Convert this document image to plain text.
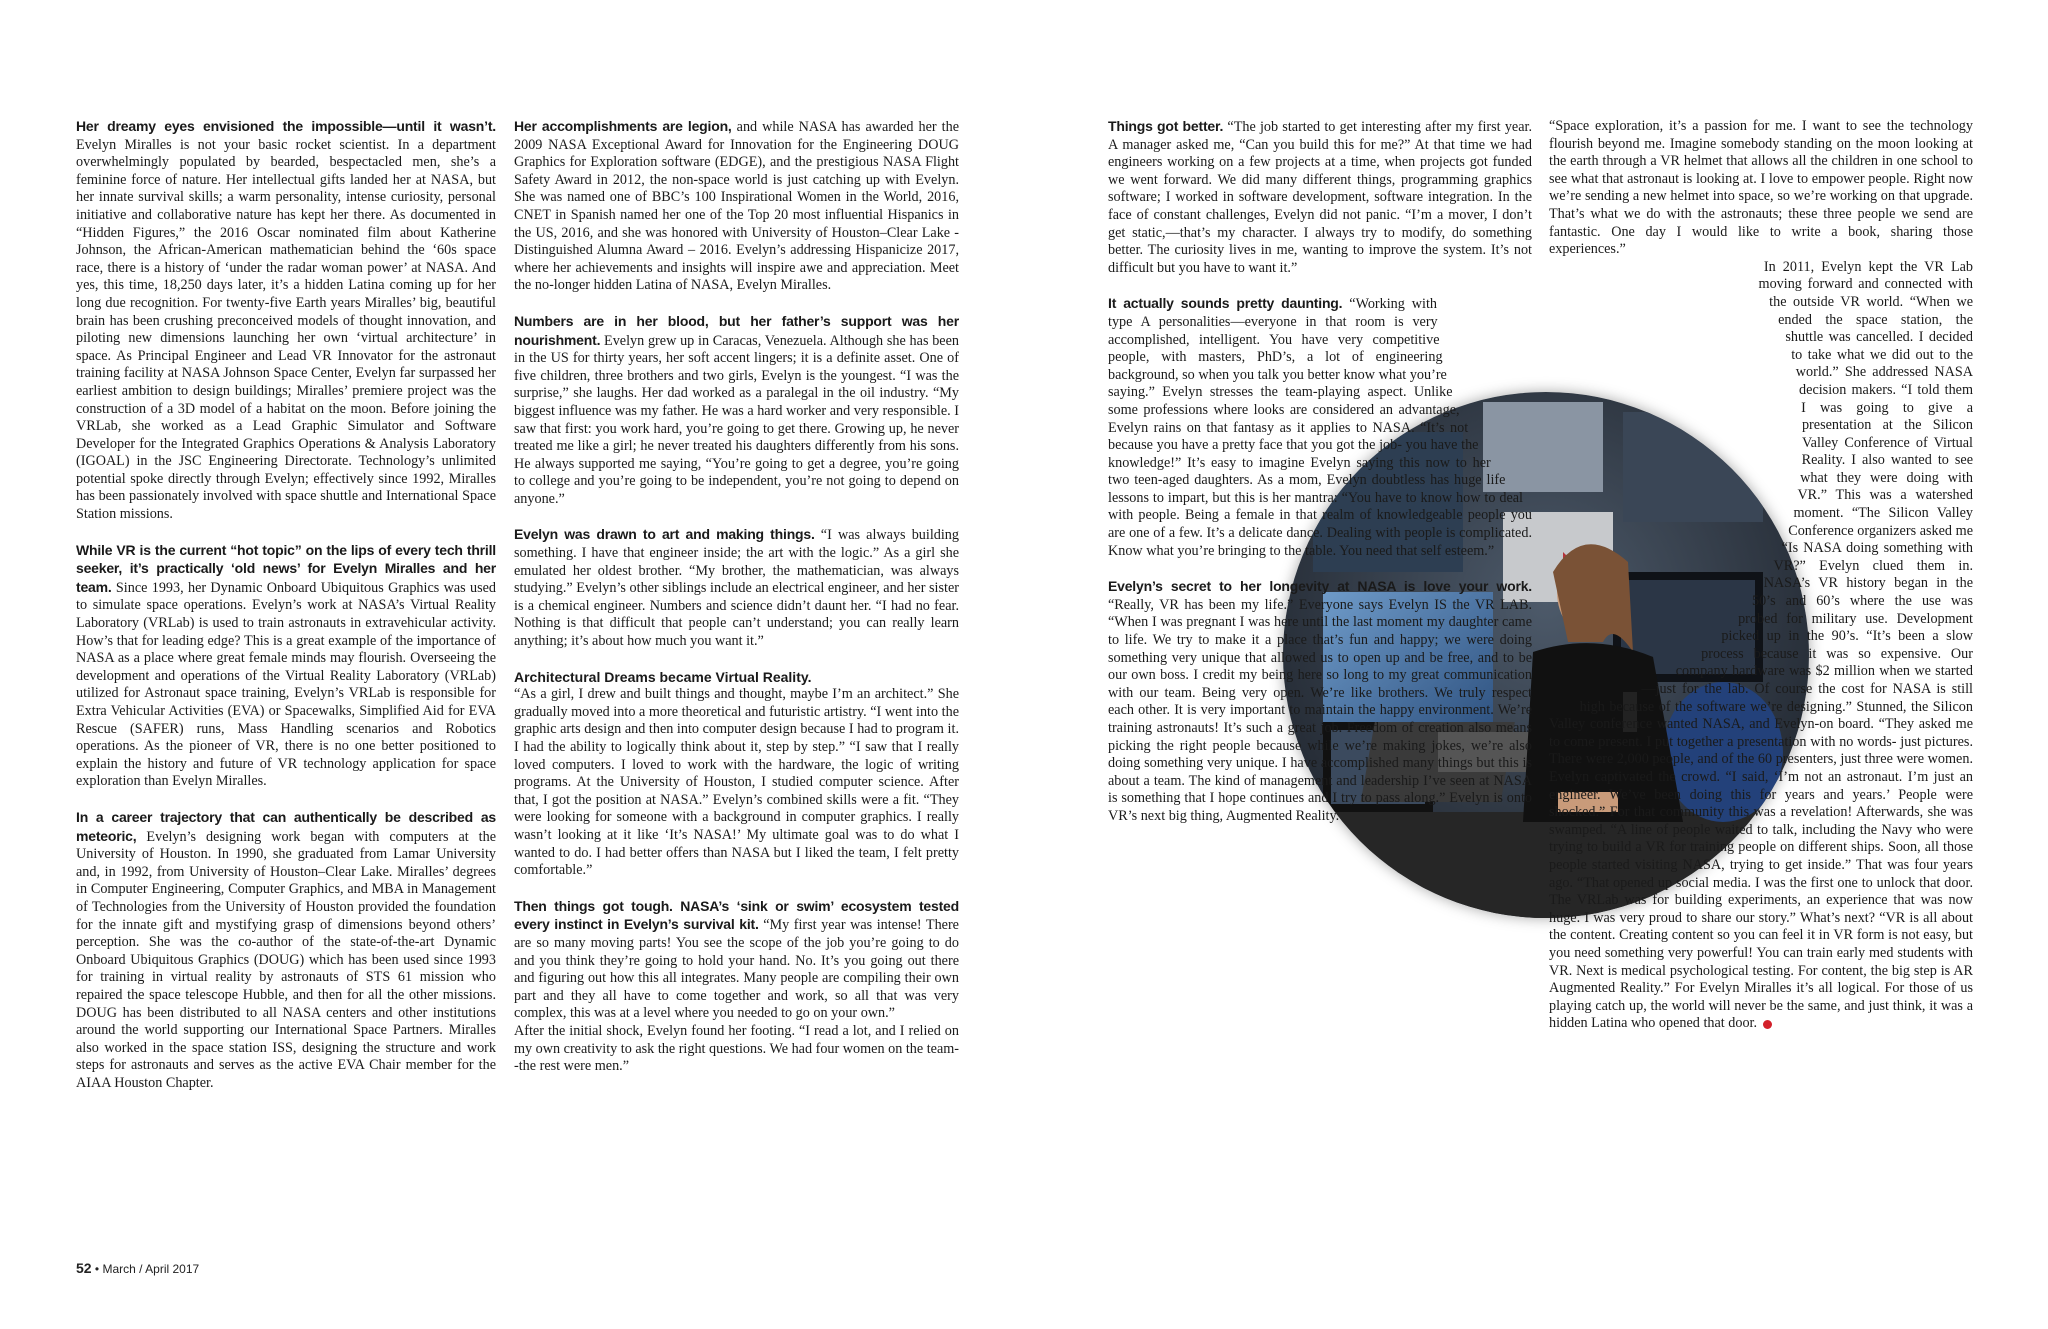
Her dreamy eyes envisioned the impossible—until it wasn’t. Evelyn Miralles is not your basic rocket scientist. In a department overwhelmingly populated by bearded, bespectacled men, she’s a feminine force of nature. Her intellectual gifts landed her at NASA, but her innate survival skills; a warm personality, intense curiosity, personal initiative and collaborative nature has kept her there. As documented in “Hidden Figures,” the 2016 Oscar nominated film about Katherine Johnson, the African-American mathematician behind the ‘60s space race, there is a history of ‘under the radar woman power’ at NASA. And yes, this time, 18,250 days later, it’s a hidden Latina coming up for her long due recognition. For twenty-five Earth years Miralles’ big, beautiful brain has been crushing preconceived models of thought innovation, and piloting new dimensions launching her own ‘virtual architecture’ in space. As Principal Engineer and Lead VR Innovator for the astronaut training facility at NASA Johnson Space Center, Evelyn far surpassed her earliest ambition to design buildings; Miralles’ premiere project was the construction of a 3D model of a habitat on the moon. Before joining the VRLab, she worked as a Lead Graphic Simulator and Software Developer for the Integrated Graphics Operations & Analysis Laboratory (IGOAL) in the JSC Engineering Directorate. Technology’s unlimited potential spoke directly through Evelyn; effectively since 1992, Miralles has been passionately involved with space shuttle and International Space Station missions.

While VR is the current “hot topic” on the lips of every tech thrill seeker, it’s practically ‘old news’ for Evelyn Miralles and her team. Since 1993, her Dynamic Onboard Ubiquitous Graphics was used to simulate space operations. Evelyn’s work at NASA’s Virtual Reality Laboratory (VRLab) is used to train astronauts in extravehicular activity. How’s that for leading edge? This is a great example of the importance of NASA as a place where great female minds may flourish. Overseeing the development and operations of the Virtual Reality Laboratory (VRLab) utilized for Astronaut space training, Evelyn’s VRLab is responsible for Extra Vehicular Activities (EVA) or Spacewalks, Simplified Aid for EVA Rescue (SAFER) runs, Mass Handling scenarios and Robotics operations. As the pioneer of VR, there is no one better positioned to explain the history and future of VR technology application for space exploration than Evelyn Miralles.

In a career trajectory that can authentically be described as meteoric, Evelyn’s designing work began with computers at the University of Houston. In 1990, she graduated from Lamar University and, in 1992, from University of Houston–Clear Lake. Miralles’ degrees in Computer Engineering, Computer Graphics, and MBA in Management of Technologies from the University of Houston provided the foundation for the innate gift and mystifying grasp of dimensions beyond others’ perception. She was the co-author of the state-of-the-art Dynamic Onboard Ubiquitous Graphics (DOUG) which has been used since 1993 for training in virtual reality by astronauts of STS 61 mission who repaired the space telescope Hubble, and then for all the other missions. DOUG has been distributed to all NASA centers and other institutions around the world supporting our International Space Partners. Miralles also worked in the space station ISS, designing the structure and work steps for astronauts and serves as the active EVA Chair member for the AIAA Houston Chapter.

Her accomplishments are legion, and while NASA has awarded her the 2009 NASA Exceptional Award for Innovation for the Engineering DOUG Graphics for Exploration software (EDGE), and the prestigious NASA Flight Safety Award in 2012, the non-space world is just catching up with Evelyn. She was named one of BBC’s 100 Inspirational Women in the World, 2016, CNET in Spanish named her one of the Top 20 most influential Hispanics in the US, 2016, and she was honored with University of Houston–Clear Lake - Distinguished Alumna Award – 2016. Evelyn’s addressing Hispanicize 2017, where her achievements and insights will inspire awe and appreciation. Meet the no-longer hidden Latina of NASA, Evelyn Miralles.

Numbers are in her blood, but her father’s support was her nourishment. Evelyn grew up in Caracas, Venezuela. Although she has been in the US for thirty years, her soft accent lingers; it is a definite asset. One of five children, three brothers and two girls, Evelyn is the youngest. “I was the surprise,” she laughs. Her dad worked as a paralegal in the oil industry. “My biggest influence was my father. He was a hard worker and very responsible. I saw that first: you work hard, you’re going to get there. Growing up, he never treated me like a girl; he never treated his daughters differently from his sons. He always supported me saying, “You’re going to get a degree, you’re going to college and you’re going to be independent, you’re not going to depend on anyone.”

Evelyn was drawn to art and making things. “I was always building something. I have that engineer inside; the art with the logic.” As a girl she emulated her oldest brother. “My brother, the mathematician, was always studying.” Evelyn’s other siblings include an electrical engineer, and her sister is a chemical engineer. Numbers and science didn’t daunt her. “I had no fear. Nothing is that difficult that people can’t understand; you can really learn anything; it’s about how much you want it.”

Architectural Dreams became Virtual Reality.
“As a girl, I drew and built things and thought, maybe I’m an architect.” She gradually moved into a more theoretical and futuristic artistry. “I went into the graphic arts design and then into computer design because I had to program it. I had the ability to logically think about it, step by step.” “I saw that I really loved computers. I loved to work with the hardware, the logic of writing programs. At the University of Houston, I studied computer science. After that, I got the position at NASA.” Evelyn’s combined skills were a fit. “They were looking for someone with a background in computer graphics. I really wasn’t looking at it like ‘It’s NASA!’ My ultimate goal was to do what I wanted to do. I had better offers than NASA but I liked the team, I felt pretty comfortable.”

Then things got tough. NASA’s ‘sink or swim’ ecosystem tested every instinct in Evelyn’s survival kit. “My first year was intense! There are so many moving parts! You see the scope of the job you’re going to do and you think they’re going to hold your hand. No. It’s you going out there and figuring out how this all integrates. Many people are compiling their own part and they all have to come together and work, so all that was very complex, this was at a level where you needed to go on your own.”

After the initial shock, Evelyn found her footing. “I read a lot, and I relied on my own creativity to ask the right questions. We had four women on the team--the rest were men.”

Things got better. “The job started to get interesting after my first year. A manager asked me, “Can you build this for me?” At that time we had engineers working on a few projects at a time, when projects got funded we went forward. We did many different things, programming graphics software; I worked in software development, software integration. In the face of constant challenges, Evelyn did not panic. “I’m a mover, I don’t get static,—that’s my character. I always try to modify, do something better. The curiosity lives in me, wanting to improve the system. It’s not difficult but you have to want it.”

It actually sounds pretty daunting. “Working with type A personalities—everyone in that room is very accomplished, intelligent. You have very competitive people, with masters, PhD’s, a lot of engineering background, so when you talk you better know what you’re saying.” Evelyn stresses the team-playing aspect. Unlike some professions where looks are considered an advantage, Evelyn rains on that fantasy as it applies to NASA. “It’s not because you have a pretty face that you got the job- you have the knowledge!” It’s easy to imagine Evelyn saying this now to her two teen-aged daughters. As a mom, Evelyn doubtless has huge life lessons to impart, but this is her mantra: “You have to know how to deal with people. Being a female in that realm of knowledgeable people you are one of a few. It’s a delicate dance. Dealing with people is complicated. Know what you’re bringing to the table. You need that self esteem.”

Evelyn’s secret to her longevity at NASA is love your work. “Really, VR has been my life.” Everyone says Evelyn IS the VR LAB. “When I was pregnant I was here until the last moment my daughter came to life. We try to make it a place that’s fun and happy; we were doing something very unique that allowed us to open up and be free, and to be our own boss. I credit my being here so long to my great communication with our team. Being very open. We’re like brothers. We truly respect each other. It is very important to maintain the happy environment. We’re training astronauts! It’s such a great job. Freedom of creation also means picking the right people because while we’re making jokes, we’re also doing something very unique. I have accomplished many things but this is about a team. The kind of management and leadership I’ve seen at NASA is something that I hope continues and I try to pass along.” Evelyn is onto VR’s next big thing, Augmented Reality.

“Space exploration, it’s a passion for me. I want to see the technology flourish beyond me. Imagine somebody standing on the moon looking at the earth through a VR helmet that allows all the children in one school to see what that astronaut is looking at. I love to empower people. Right now we’re sending a new helmet into space, so we’re working on that upgrade. That’s what we do with the astronauts; these three people we send are fantastic. One day I would like to write a book, sharing those experiences.”

In 2011, Evelyn kept the VR Lab moving forward and connected with the outside VR world. “When we ended the space station, the shuttle was cancelled. I decided to take what we did out to the world.” She addressed NASA decision makers. “I told them I was going to give a presentation at the Silicon Valley Conference of Virtual Reality. I also wanted to see what they were doing with VR.” This was a watershed moment. “The Silicon Valley Conference organizers asked me “Is NASA doing something with VR?” Evelyn clued them in. NASA’s VR history began in the 50’s and 60’s where the use was probed for military use. Development picked up in the 90’s. “It’s been a slow process because it was so expensive. Our company hardware was $2 million when we started—just for the lab. Of course the cost for NASA is still high because of the software we’re designing.” Stunned, the Silicon Valley conference wanted NASA, and Evelyn-on board. “They asked me to come present. I put together a presentation with no words- just pictures. There were 2,000 people, and of the 60 presenters, just three were women. Evelyn captivated the crowd. “I said, ‘I’m not an astronaut. I’m just an engineer. We’ve been doing this for years and years.’ People were shocked.” For that community this was a revelation! Afterwards, she was swamped. “A line of people waited to talk, including the Navy who were trying to build a VR for training people on different ships. Soon, all those people started visiting NASA, trying to get inside.” That was four years ago. “That opened up social media. I was the first one to unlock that door. The VRLab was for building experiments, an experience that was now huge. I was very proud to share our story.” What’s next? “VR is all about the content. Creating content so you can feel it in VR form is not easy, but you need something very powerful! You can train early med students with VR. Next is medical psychological testing. For content, the big step is AR Augmented Reality.” For Evelyn Miralles it’s all logical. For those of us playing catch up, the world will never be the same, and just think, it was a hidden Latina who opened that door.

52 • March / April 2017
